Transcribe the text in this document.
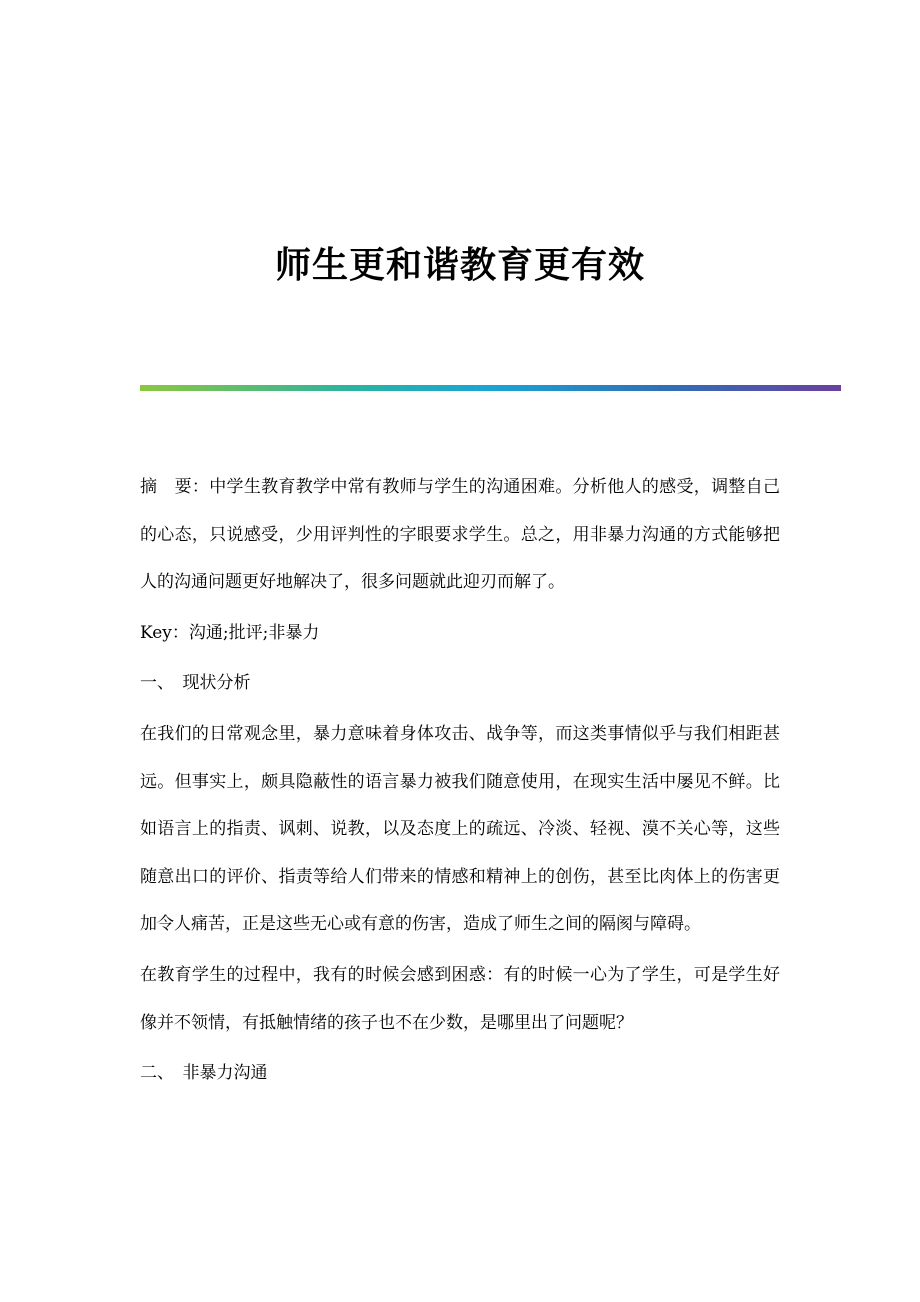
师生更和谐教育更有效

摘　要：中学生教育教学中常有教师与学生的沟通困难。分析他人的感受，调整自己的心态，只说感受，少用评判性的字眼要求学生。总之，用非暴力沟通的方式能够把人的沟通问题更好地解决了，很多问题就此迎刃而解了。

Key：沟通;批评;非暴力

一、　现状分析

在我们的日常观念里，暴力意味着身体攻击、战争等，而这类事情似乎与我们相距甚远。但事实上，颇具隐蔽性的语言暴力被我们随意使用，在现实生活中屡见不鲜。比如语言上的指责、讽刺、说教，以及态度上的疏远、冷淡、轻视、漠不关心等，这些随意出口的评价、指责等给人们带来的情感和精神上的创伤，甚至比肉体上的伤害更加令人痛苦，正是这些无心或有意的伤害，造成了师生之间的隔阂与障碍。

在教育学生的过程中，我有的时候会感到困惑：有的时候一心为了学生，可是学生好像并不领情，有抵触情绪的孩子也不在少数，是哪里出了问题呢？

二、　非暴力沟通
